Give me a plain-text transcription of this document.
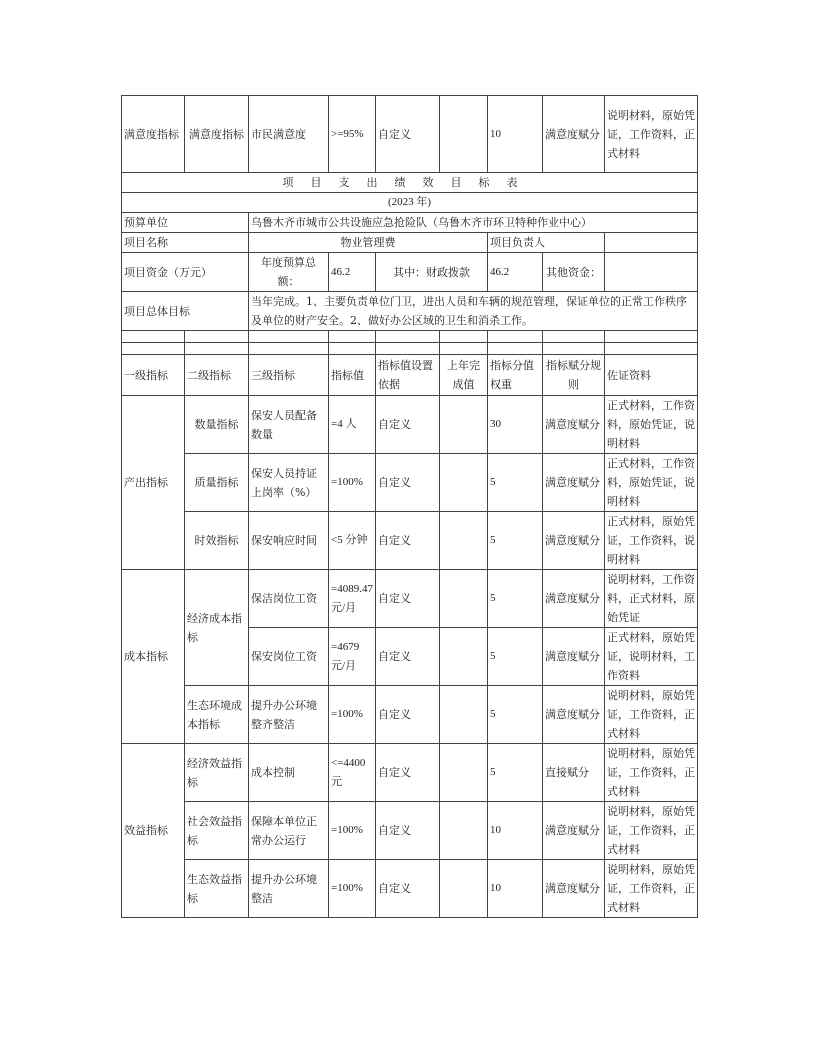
满意度指标	满意度指标	市民满意度	>=95%	自定义		10	满意度赋分	说明材料，原始凭证，工作资料，正式材料
项目支出绩效目标表								
(2023 年)								
预算单位		乌鲁木齐市城市公共设施应急抢险队（乌鲁木齐市环卫特种作业中心）						
项目名称		物业管理费				项目负责人		
项目资金（万元）		年度预算总额：	46.2	其中：财政拨款		46.2	其他资金：	
项目总体目标		当年完成。1、主要负责单位门卫，进出人员和车辆的规范管理，保证单位的正常工作秩序及单位的财产安全。2、做好办公区域的卫生和消杀工作。						

一级指标	二级指标	三级指标	指标值	指标值设置依据	上年完成值	指标分值权重	指标赋分规则	佐证资料
产出指标	数量指标	保安人员配备数量	=4 人	自定义		30	满意度赋分	正式材料，工作资料，原始凭证，说明材料
	质量指标	保安人员持证上岗率（%）	=100%	自定义		5	满意度赋分	正式材料，工作资料，原始凭证，说明材料
	时效指标	保安响应时间	<5 分钟	自定义		5	满意度赋分	正式材料，原始凭证，工作资料，说明材料
成本指标	经济成本指标	保洁岗位工资	=4089.47 元/月	自定义		5	满意度赋分	说明材料，工作资料，正式材料，原始凭证
		保安岗位工资	=4679 元/月	自定义		5	满意度赋分	正式材料，原始凭证，说明材料，工作资料
	生态环境成本指标	提升办公环境整齐整洁	=100%	自定义		5	满意度赋分	说明材料，原始凭证，工作资料，正式材料
效益指标	经济效益指标	成本控制	<=4400 元	自定义		5	直接赋分	说明材料，原始凭证，工作资料，正式材料
	社会效益指标	保障本单位正常办公运行	=100%	自定义		10	满意度赋分	说明材料，原始凭证，工作资料，正式材料
	生态效益指标	提升办公环境整洁	=100%	自定义		10	满意度赋分	说明材料，原始凭证，工作资料，正式材料
